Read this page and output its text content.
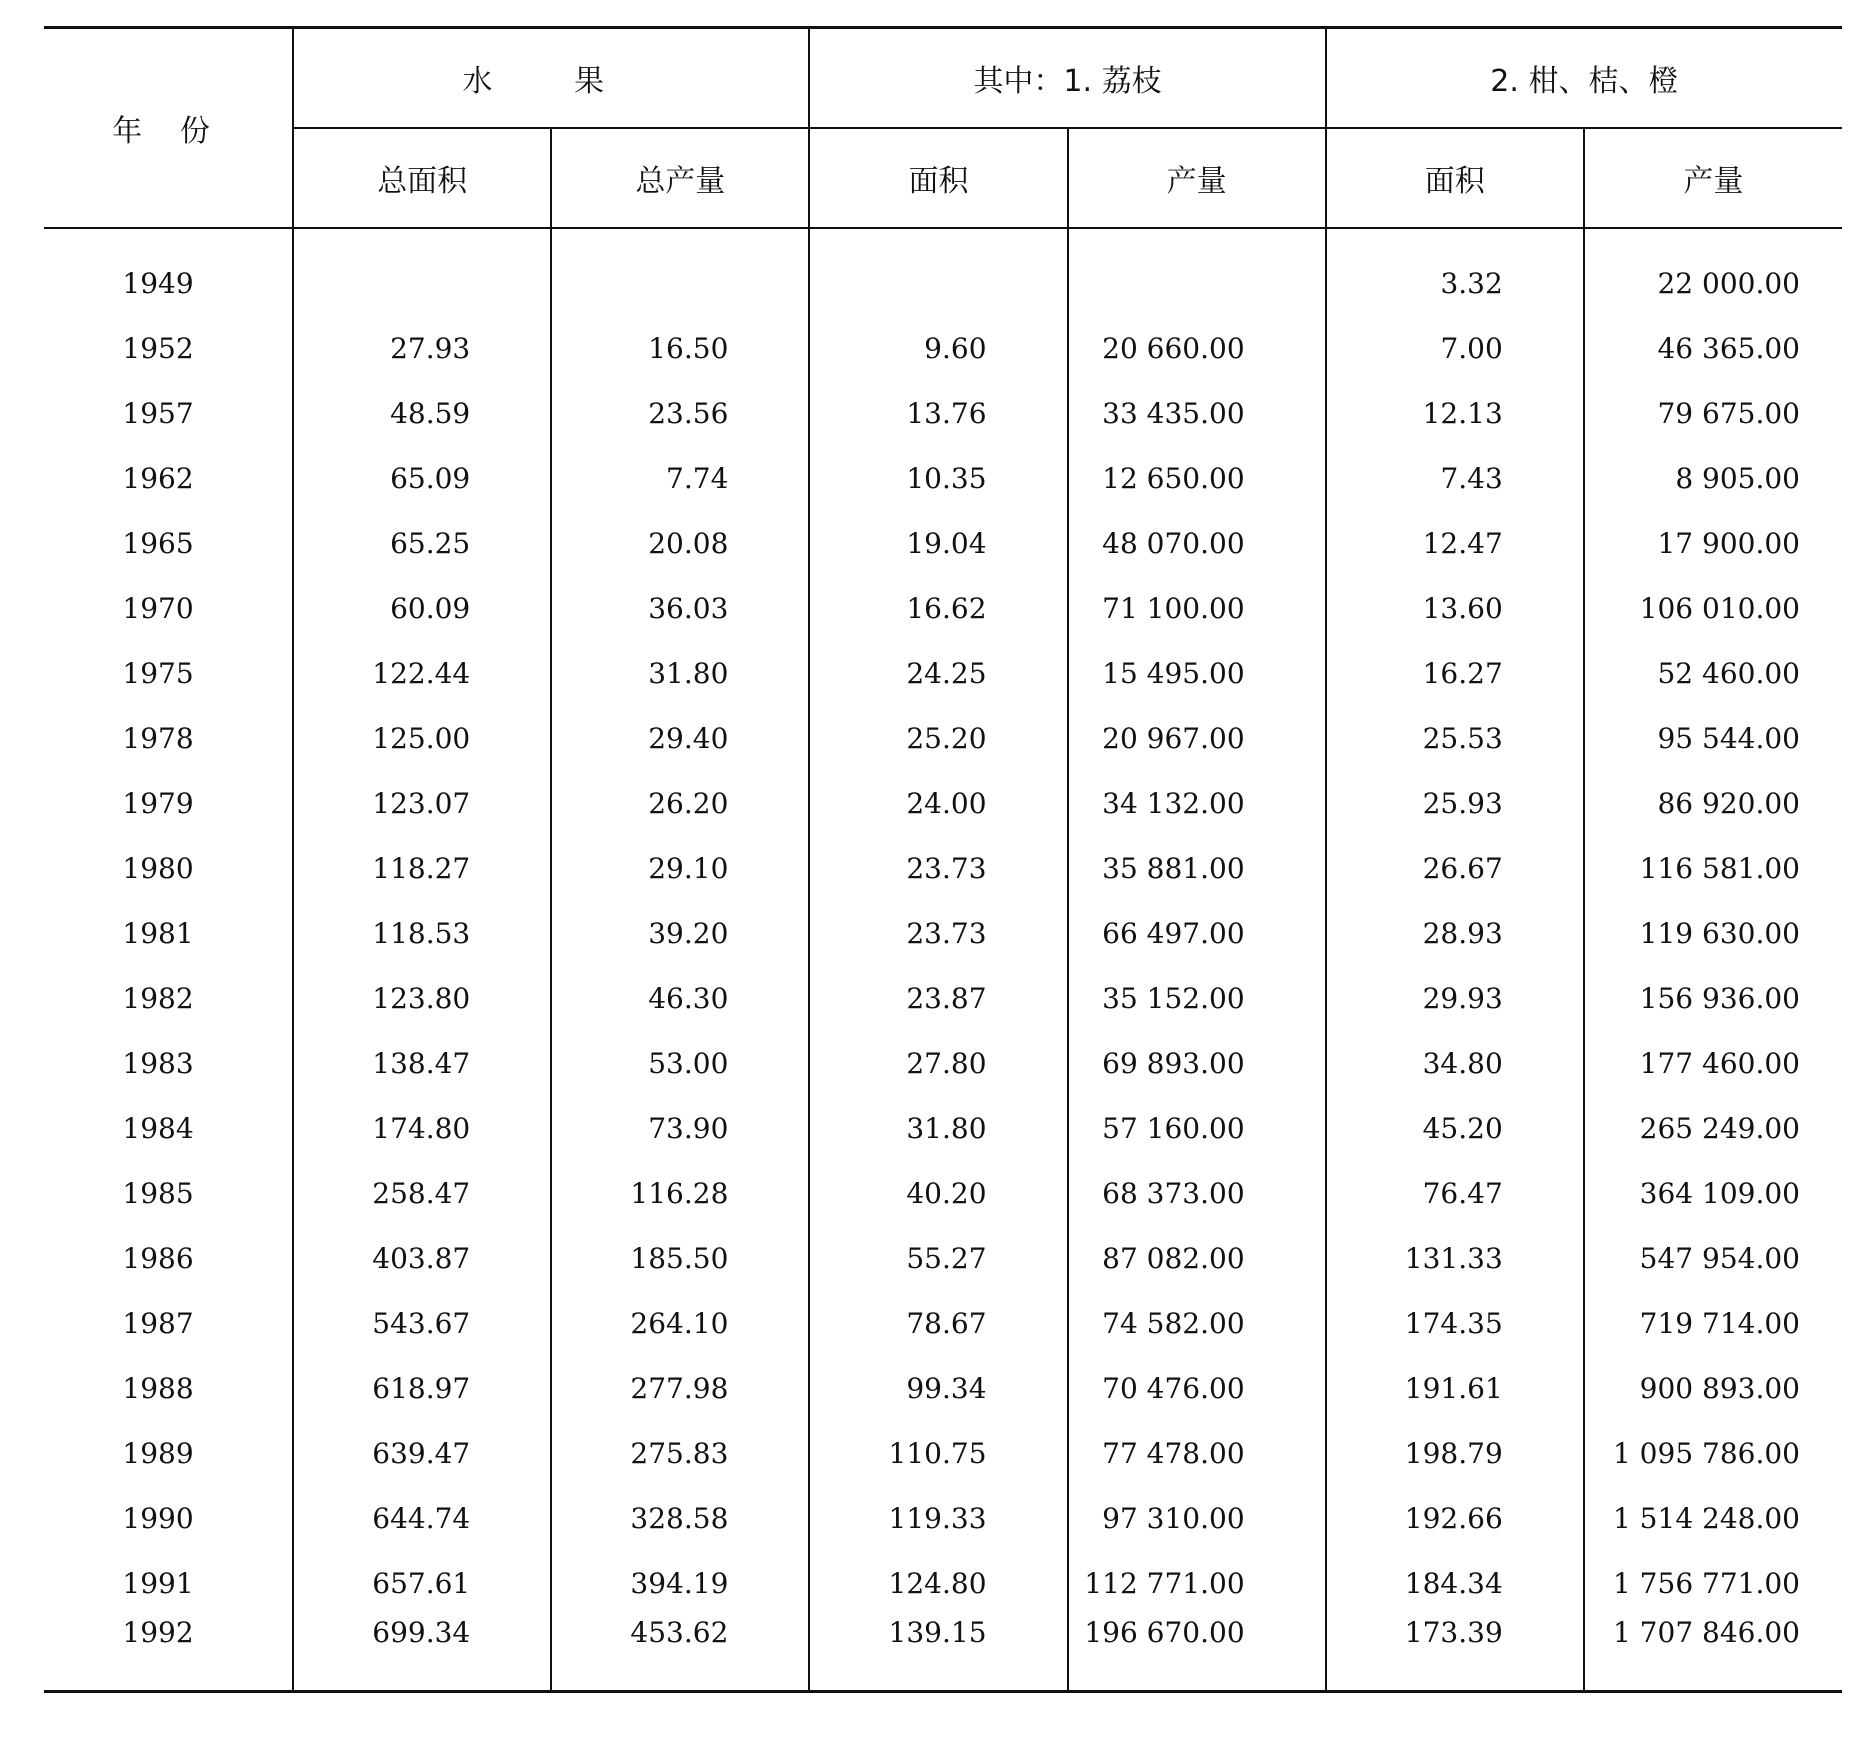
年 份	水 果		其中：1. 荔枝		2. 柑、桔、橙	
	总面积	总产量	面积	产量	面积	产量

1949					3.32	22 000.00
1952	27.93	16.50	9.60	20 660.00	7.00	46 365.00
1957	48.59	23.56	13.76	33 435.00	12.13	79 675.00
1962	65.09	7.74	10.35	12 650.00	7.43	8 905.00
1965	65.25	20.08	19.04	48 070.00	12.47	17 900.00
1970	60.09	36.03	16.62	71 100.00	13.60	106 010.00
1975	122.44	31.80	24.25	15 495.00	16.27	52 460.00
1978	125.00	29.40	25.20	20 967.00	25.53	95 544.00
1979	123.07	26.20	24.00	34 132.00	25.93	86 920.00
1980	118.27	29.10	23.73	35 881.00	26.67	116 581.00
1981	118.53	39.20	23.73	66 497.00	28.93	119 630.00
1982	123.80	46.30	23.87	35 152.00	29.93	156 936.00
1983	138.47	53.00	27.80	69 893.00	34.80	177 460.00
1984	174.80	73.90	31.80	57 160.00	45.20	265 249.00
1985	258.47	116.28	40.20	68 373.00	76.47	364 109.00
1986	403.87	185.50	55.27	87 082.00	131.33	547 954.00
1987	543.67	264.10	78.67	74 582.00	174.35	719 714.00
1988	618.97	277.98	99.34	70 476.00	191.61	900 893.00
1989	639.47	275.83	110.75	77 478.00	198.79	1 095 786.00
1990	644.74	328.58	119.33	97 310.00	192.66	1 514 248.00
1991	657.61	394.19	124.80	112 771.00	184.34	1 756 771.00
1992	699.34	453.62	139.15	196 670.00	173.39	1 707 846.00
